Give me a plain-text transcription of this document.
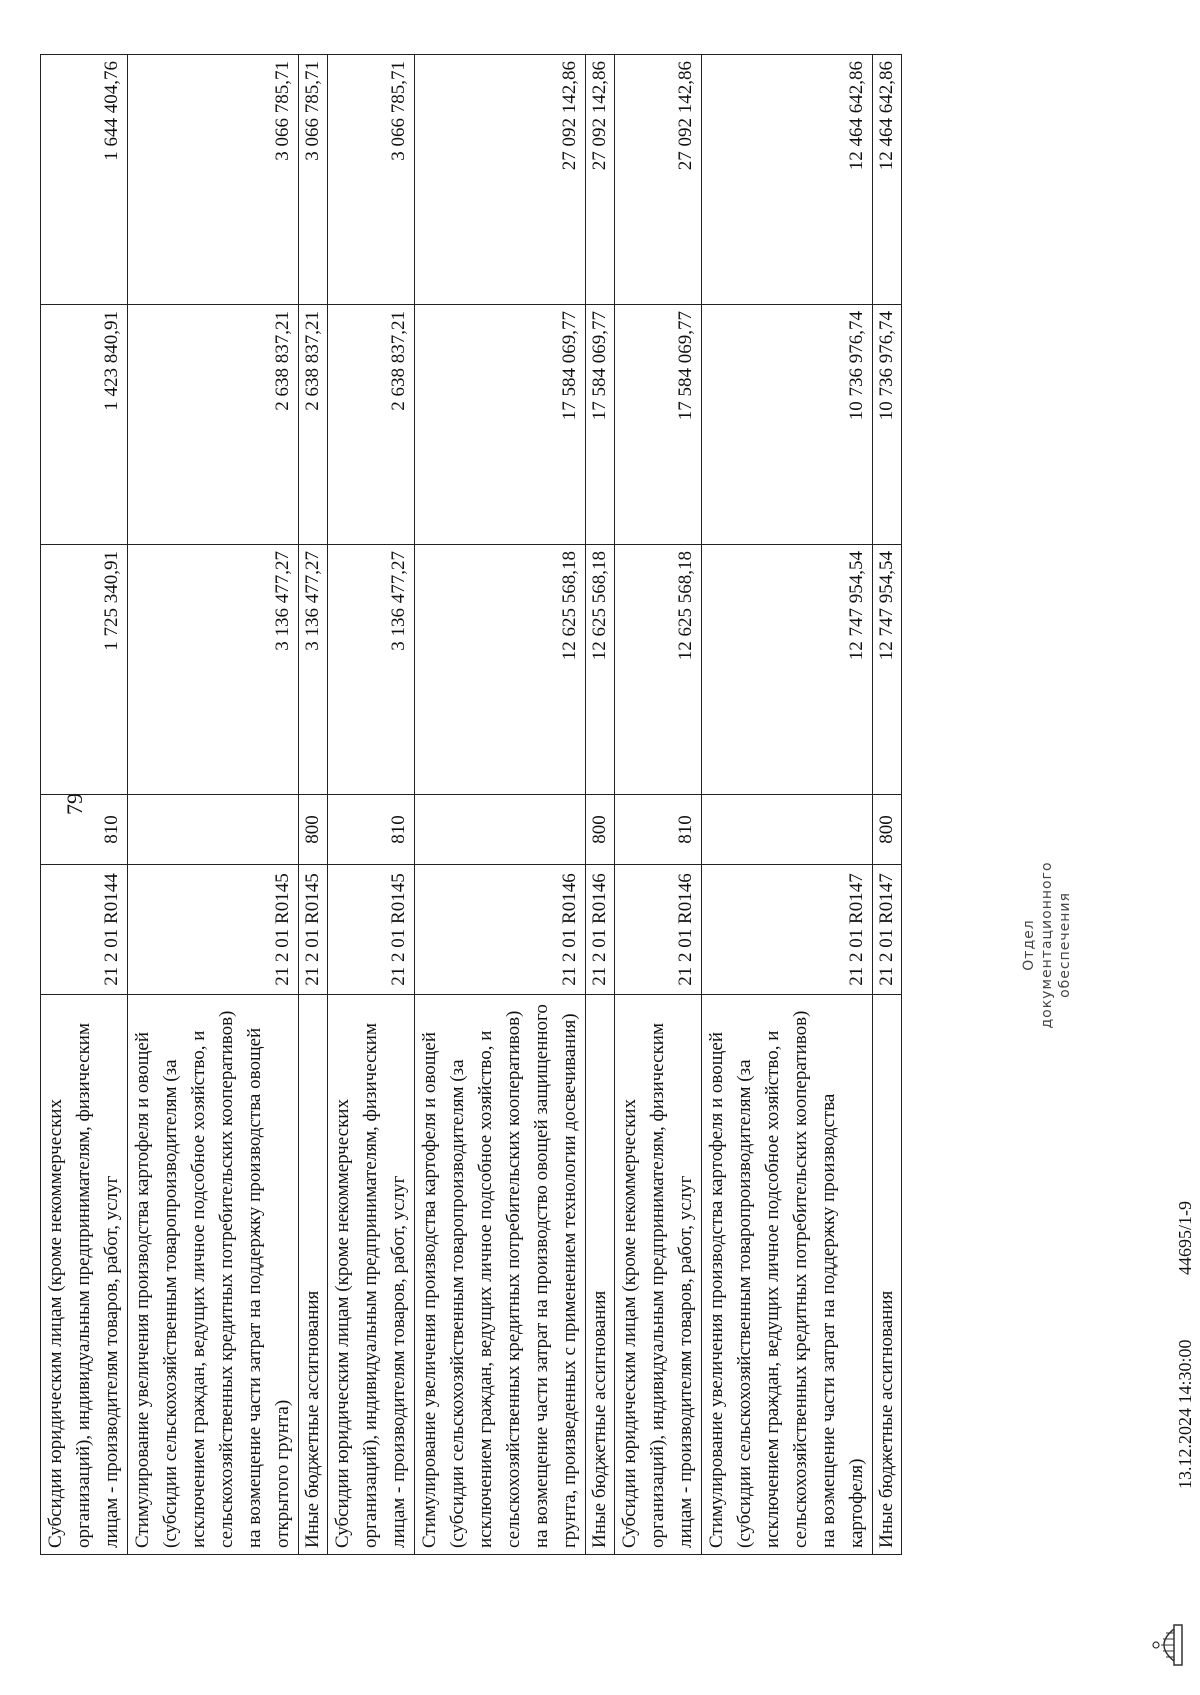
79
Субсидии юридическим лицам (кроме некоммерческих организаций), индивидуальным предпринимателям, физическим лицам - производителям товаров, работ, услуг	21 2 01 R0144	810	1 725 340,91	1 423 840,91	1 644 404,76
Стимулирование увеличения производства картофеля и овощей (субсидии сельскохозяйственным товаропроизводителям (за исключением граждан, ведущих личное подсобное хозяйство, и сельскохозяйственных кредитных потребительских кооперативов) на возмещение части затрат на поддержку производства овощей открытого грунта)	21 2 01 R0145		3 136 477,27	2 638 837,21	3 066 785,71
Иные бюджетные ассигнования	21 2 01 R0145	800	3 136 477,27	2 638 837,21	3 066 785,71
Субсидии юридическим лицам (кроме некоммерческих организаций), индивидуальным предпринимателям, физическим лицам - производителям товаров, работ, услуг	21 2 01 R0145	810	3 136 477,27	2 638 837,21	3 066 785,71
Стимулирование увеличения производства картофеля и овощей (субсидии сельскохозяйственным товаропроизводителям (за исключением граждан, ведущих личное подсобное хозяйство, и сельскохозяйственных кредитных потребительских кооперативов) на возмещение части затрат на производство овощей защищенного грунта, произведенных с применением технологии досвечивания)	21 2 01 R0146		12 625 568,18	17 584 069,77	27 092 142,86
Иные бюджетные ассигнования	21 2 01 R0146	800	12 625 568,18	17 584 069,77	27 092 142,86
Субсидии юридическим лицам (кроме некоммерческих организаций), индивидуальным предпринимателям, физическим лицам - производителям товаров, работ, услуг	21 2 01 R0146	810	12 625 568,18	17 584 069,77	27 092 142,86
Стимулирование увеличения производства картофеля и овощей (субсидии сельскохозяйственным товаропроизводителям (за исключением граждан, ведущих личное подсобное хозяйство, и сельскохозяйственных кредитных потребительских кооперативов) на возмещение части затрат на поддержку производства картофеля)	21 2 01 R0147		12 747 954,54	10 736 976,74	12 464 642,86
Иные бюджетные ассигнования	21 2 01 R0147	800	12 747 954,54	10 736 976,74	12 464 642,86
13.12.2024 14:30:00
44695/1-9
Отдел документационного обеспечения
